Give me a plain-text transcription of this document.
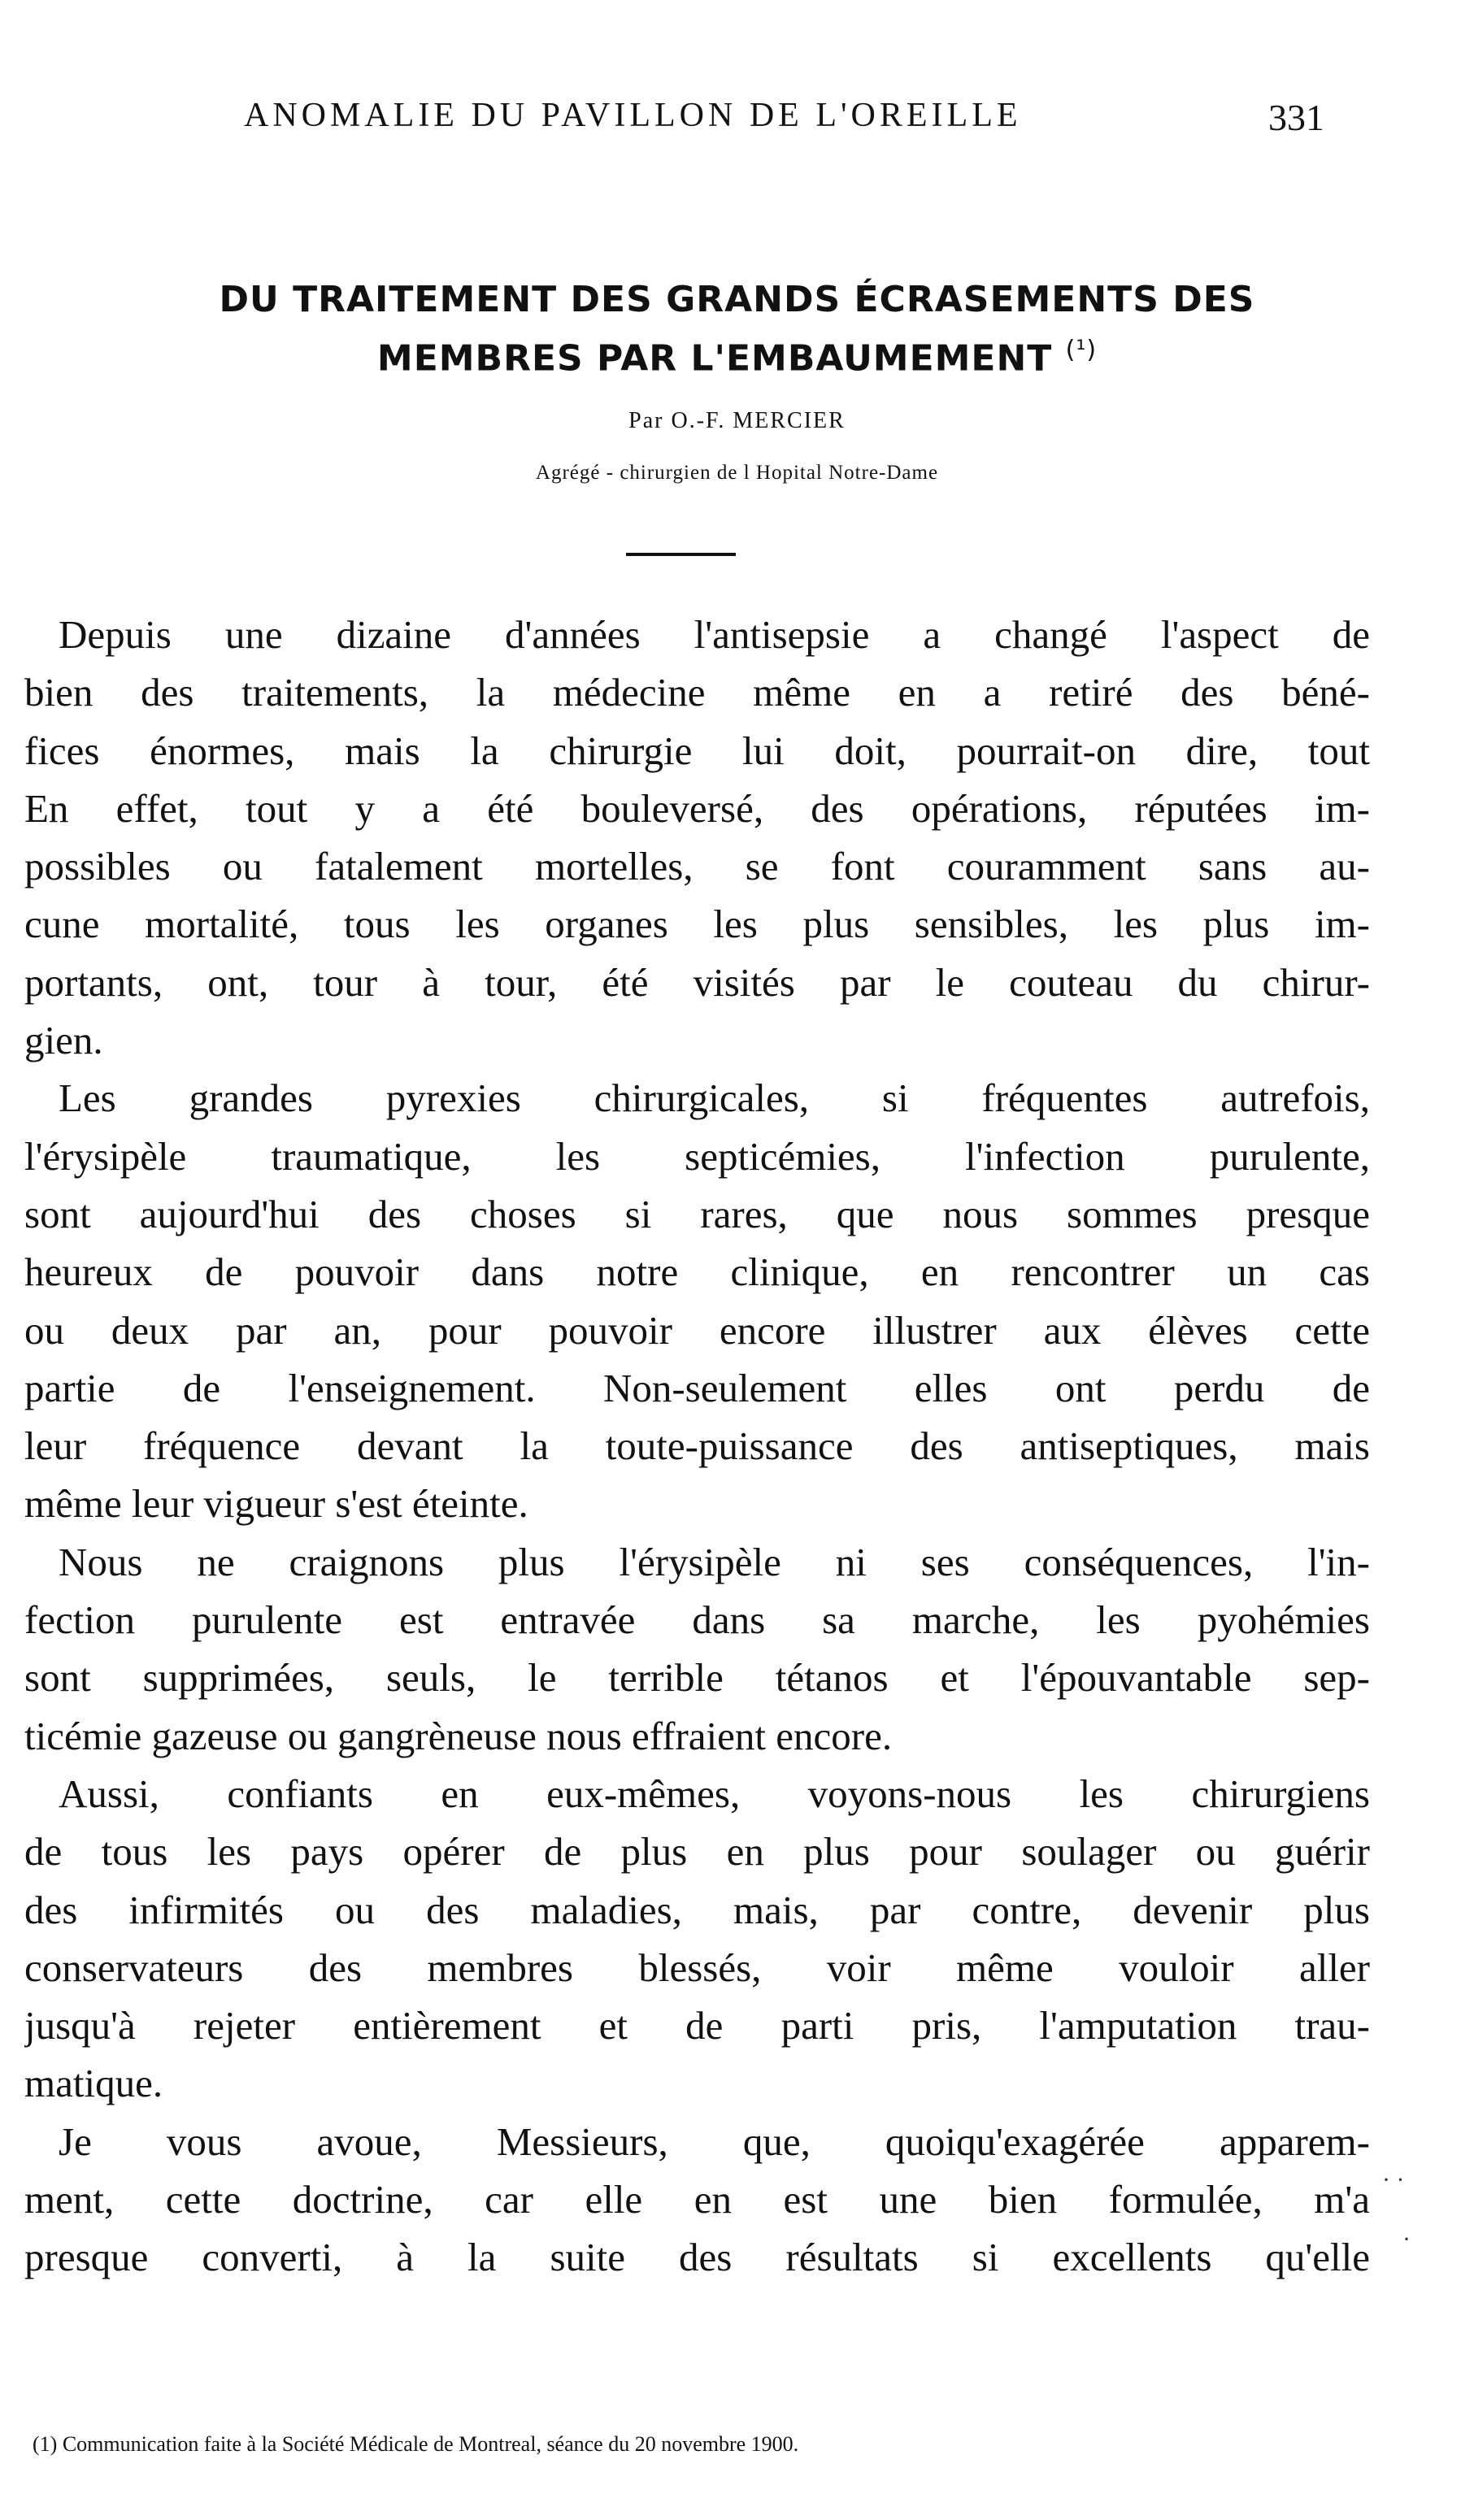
ANOMALIE DU PAVILLON DE L'OREILLE	331
DU TRAITEMENT DES GRANDS ÉCRASEMENTS DES
MEMBRES PAR L'EMBAUMEMENT $^{(^1)}$
Par O.-F. MERCIER
Agrégé - chirurgien de l Hopital Notre-Dame
Depuis une dizaine d'années l'antisepsie a changé l'aspect de
bien des traitements, la médecine même en a retiré des béné-
fices énormes, mais la chirurgie lui doit, pourrait-on dire, tout
En effet, tout y a été bouleversé, des opérations, réputées im-
possibles ou fatalement mortelles, se font couramment sans au-
cune mortalité, tous les organes les plus sensibles, les plus im-
portants, ont, tour à tour, été visités par le couteau du chirur-
gien.
Les grandes pyrexies chirurgicales, si fréquentes autrefois,
l'érysipèle traumatique, les septicémies, l'infection purulente,
sont aujourd'hui des choses si rares, que nous sommes presque
heureux de pouvoir dans notre clinique, en rencontrer un cas
ou deux par an, pour pouvoir encore illustrer aux élèves cette
partie de l'enseignement. Non-seulement elles ont perdu de
leur fréquence devant la toute-puissance des antiseptiques, mais
même leur vigueur s'est éteinte.
Nous ne craignons plus l'érysipèle ni ses conséquences, l'in-
fection purulente est entravée dans sa marche, les pyohémies
sont supprimées, seuls, le terrible tétanos et l'épouvantable sep-
ticémie gazeuse ou gangrèneuse nous effraient encore.
Aussi, confiants en eux-mêmes, voyons-nous les chirurgiens
de tous les pays opérer de plus en plus pour soulager ou guérir
des infirmités ou des maladies, mais, par contre, devenir plus
conservateurs des membres blessés, voir même vouloir aller
jusqu'à rejeter entièrement et de parti pris, l'amputation trau-
matique.
Je vous avoue, Messieurs, que, quoiqu'exagérée apparem-
ment, cette doctrine, car elle en est une bien formulée, m'a
presque converti, à la suite des résultats si excellents qu'elle
· ·
·
(1) Communication faite à la Société Médicale de Montreal, séance du 20 novembre 1900.
